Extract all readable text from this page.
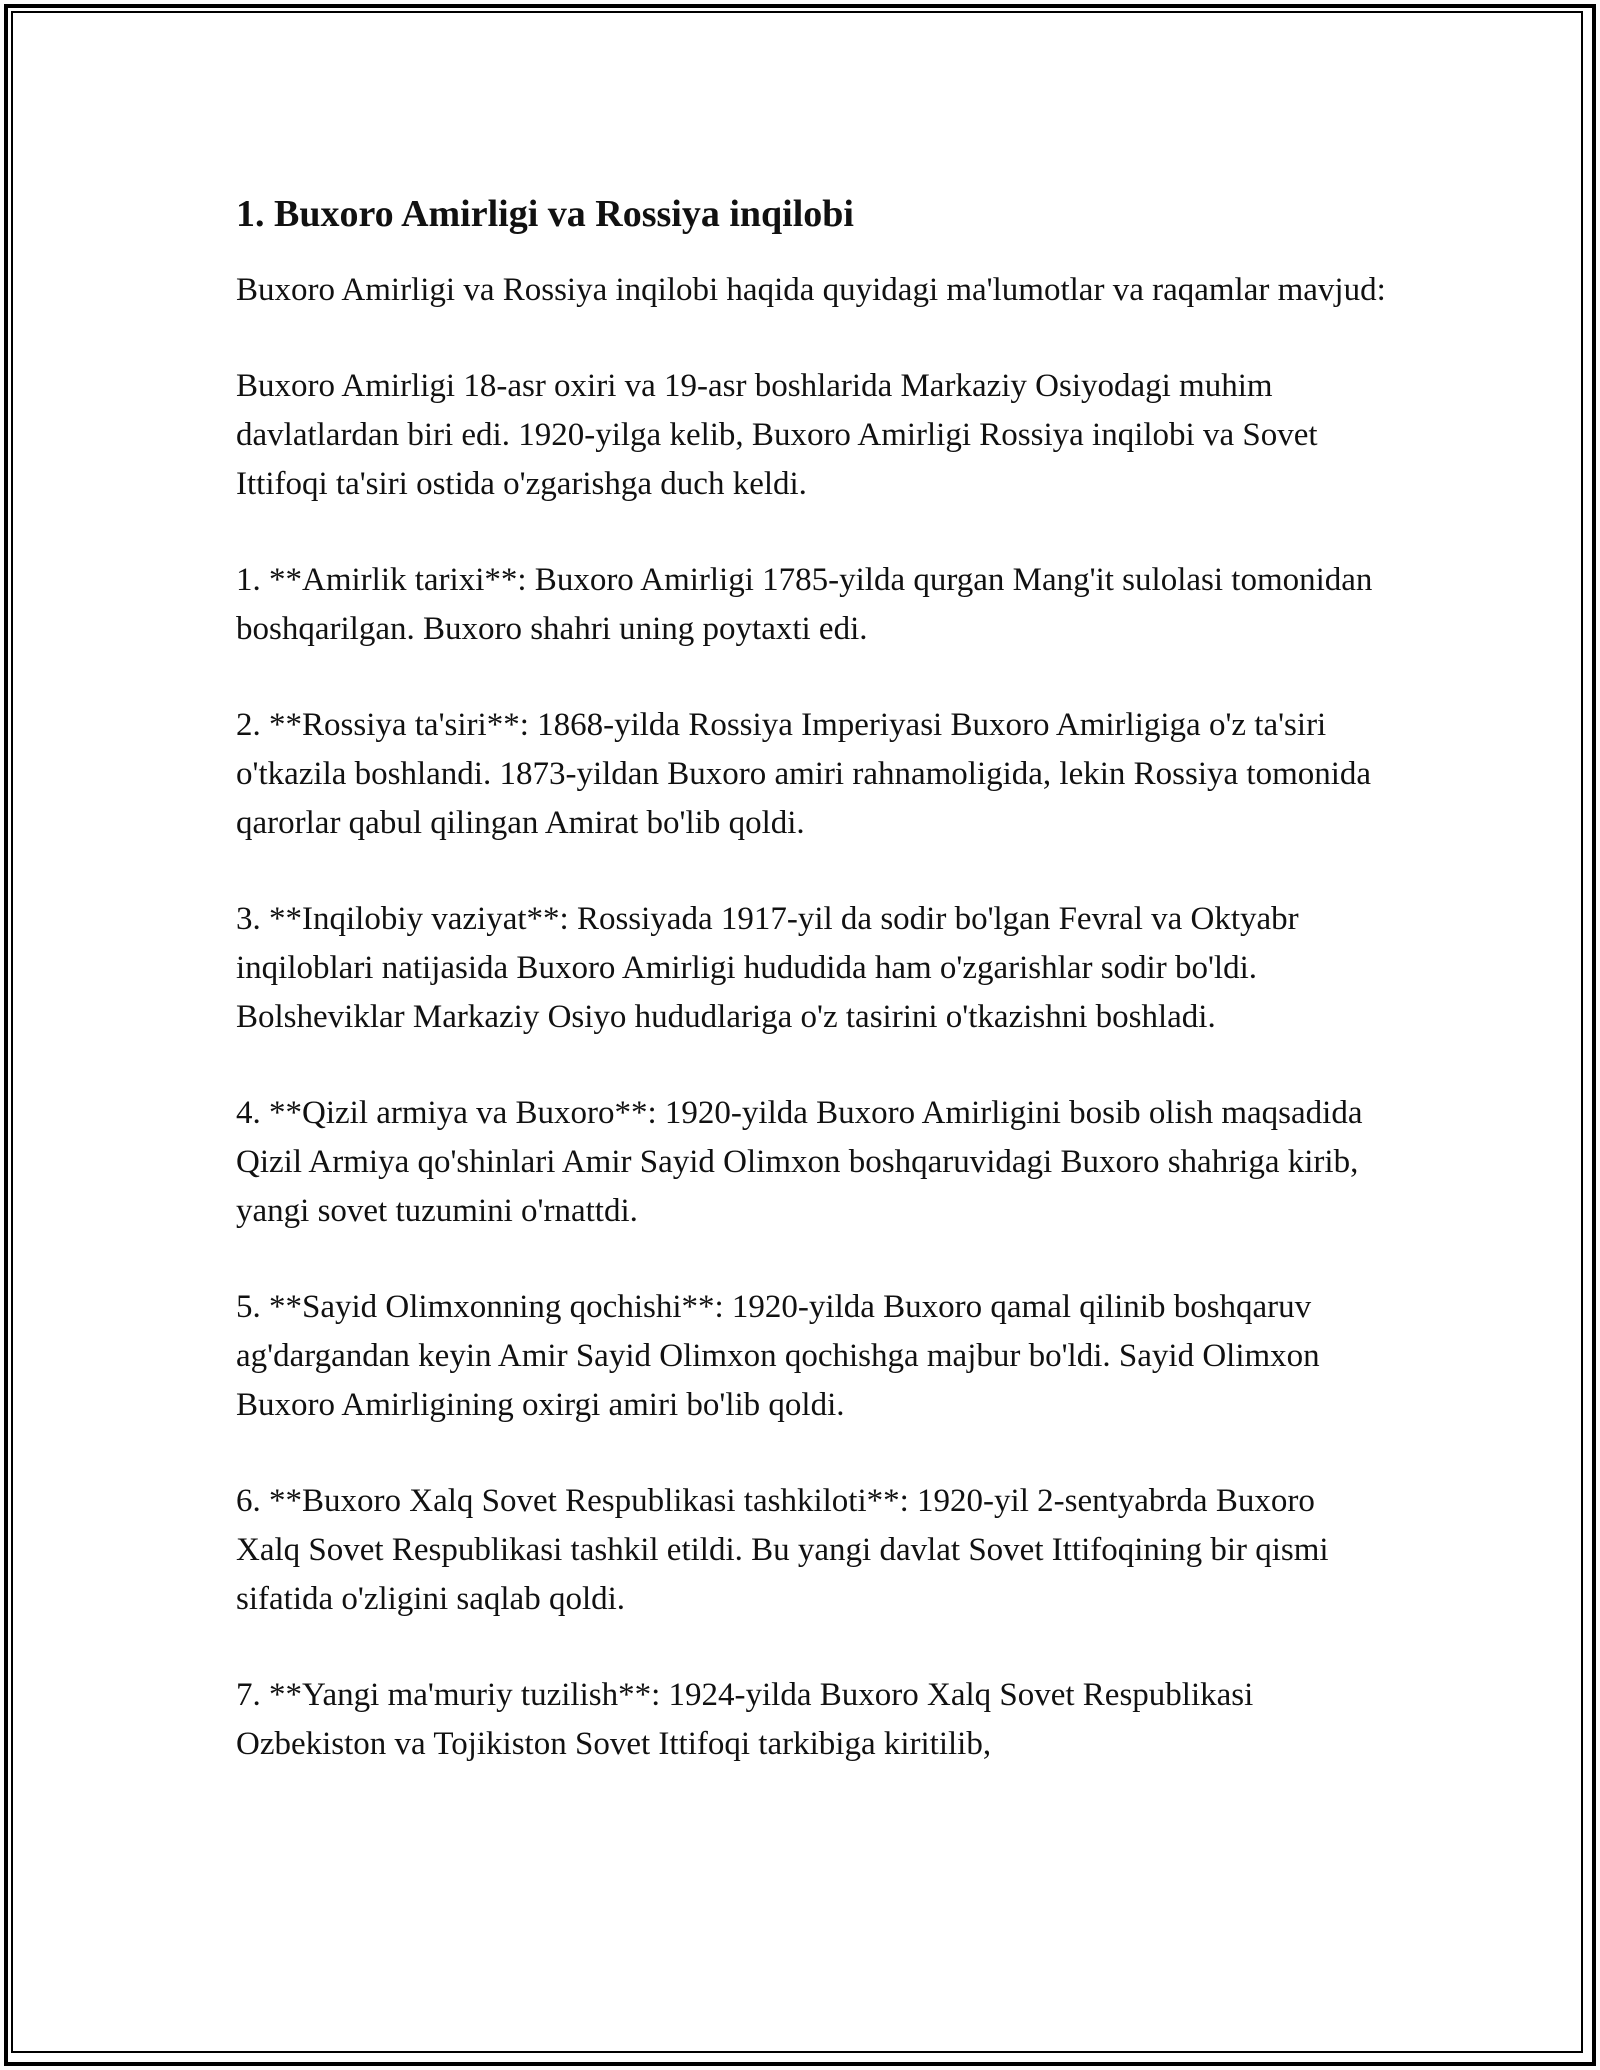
1. Buxoro Amirligi va Rossiya inqilobi

Buxoro Amirligi va Rossiya inqilobi haqida quyidagi ma'lumotlar va raqamlar mavjud:

Buxoro Amirligi 18-asr oxiri va 19-asr boshlarida Markaziy Osiyodagi muhim davlatlardan biri edi. 1920-yilga kelib, Buxoro Amirligi Rossiya inqilobi va Sovet Ittifoqi ta'siri ostida o'zgarishga duch keldi.

1. **Amirlik tarixi**: Buxoro Amirligi 1785-yilda qurgan Mang'it sulolasi tomonidan boshqarilgan. Buxoro shahri uning poytaxti edi.

2. **Rossiya ta'siri**: 1868-yilda Rossiya Imperiyasi Buxoro Amirligiga o'z ta'siri o'tkazila boshlandi. 1873-yildan Buxoro amiri rahnamoligida, lekin Rossiya tomonida qarorlar qabul qilingan Amirat bo'lib qoldi.

3. **Inqilobiy vaziyat**: Rossiyada 1917-yil da sodir bo'lgan Fevral va Oktyabr inqiloblari natijasida Buxoro Amirligi hududida ham o'zgarishlar sodir bo'ldi. Bolsheviklar Markaziy Osiyo hududlariga o'z tasirini o'tkazishni boshladi.

4. **Qizil armiya va Buxoro**: 1920-yilda Buxoro Amirligini bosib olish maqsadida Qizil Armiya qo'shinlari Amir Sayid Olimxon boshqaruvidagi Buxoro shahriga kirib, yangi sovet tuzumini o'rnattdi.

5. **Sayid Olimxonning qochishi**: 1920-yilda Buxoro qamal qilinib boshqaruv ag'dargandan keyin Amir Sayid Olimxon qochishga majbur bo'ldi. Sayid Olimxon Buxoro Amirligining oxirgi amiri bo'lib qoldi.

6. **Buxoro Xalq Sovet Respublikasi tashkiloti**: 1920-yil 2-sentyabrda Buxoro Xalq Sovet Respublikasi tashkil etildi. Bu yangi davlat Sovet Ittifoqining bir qismi sifatida o'zligini saqlab qoldi.

7. **Yangi ma'muriy tuzilish**: 1924-yilda Buxoro Xalq Sovet Respublikasi Ozbekiston va Tojikiston Sovet Ittifoqi tarkibiga kiritilib,
